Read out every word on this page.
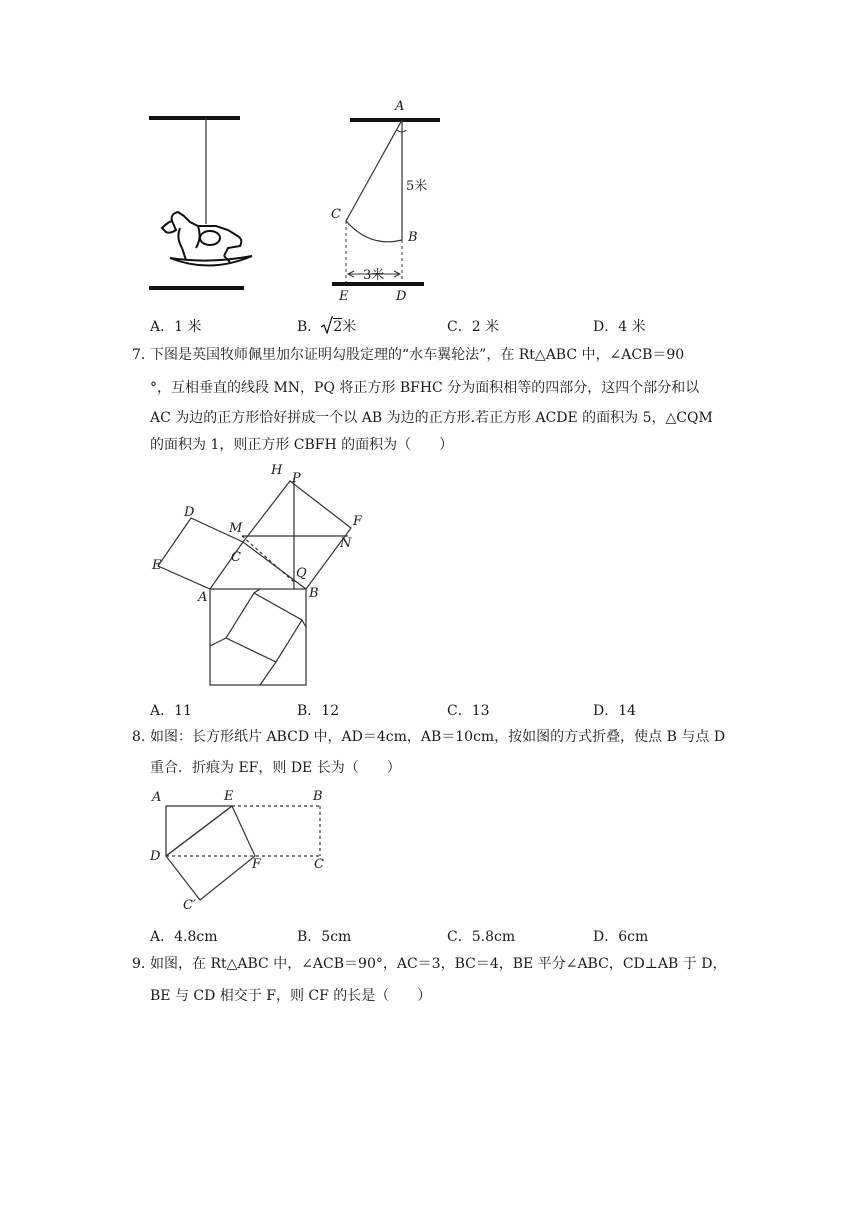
A
5米
C
B
3米
E	D
A．1 米	B． 2米	C．2 米	D．4 米
7．
下图是英国牧师佩里加尔证明勾股定理的“水车翼轮法”，在 Rt△ABC 中，∠ACB＝90
°，互相垂直的线段 MN，PQ 将正方形 BFHC 分为面积相等的四部分，这四个部分和以
AC 为边的正方形恰好拼成一个以 AB 为边的正方形.若正方形 ACDE 的面积为 5，△CQM
的面积为 1，则正方形 CBFH 的面积为（　　）
H
P
D
F
M
N
C
E
Q
A	B
A．11	B．12	C．13	D．14
8．
如图：长方形纸片 ABCD 中，AD＝4cm，AB＝10cm，按如图的方式折叠，使点 B 与点 D
重合．折痕为 EF，则 DE 长为（　　）
A	E	B
D
F	C
C′
A．4.8cm	B．5cm	C．5.8cm	D．6cm
9．
如图，在 Rt△ABC 中，∠ACB＝90°，AC＝3，BC＝4，BE 平分∠ABC，CD⊥AB 于 D，
BE 与 CD 相交于 F，则 CF 的长是（　　）
